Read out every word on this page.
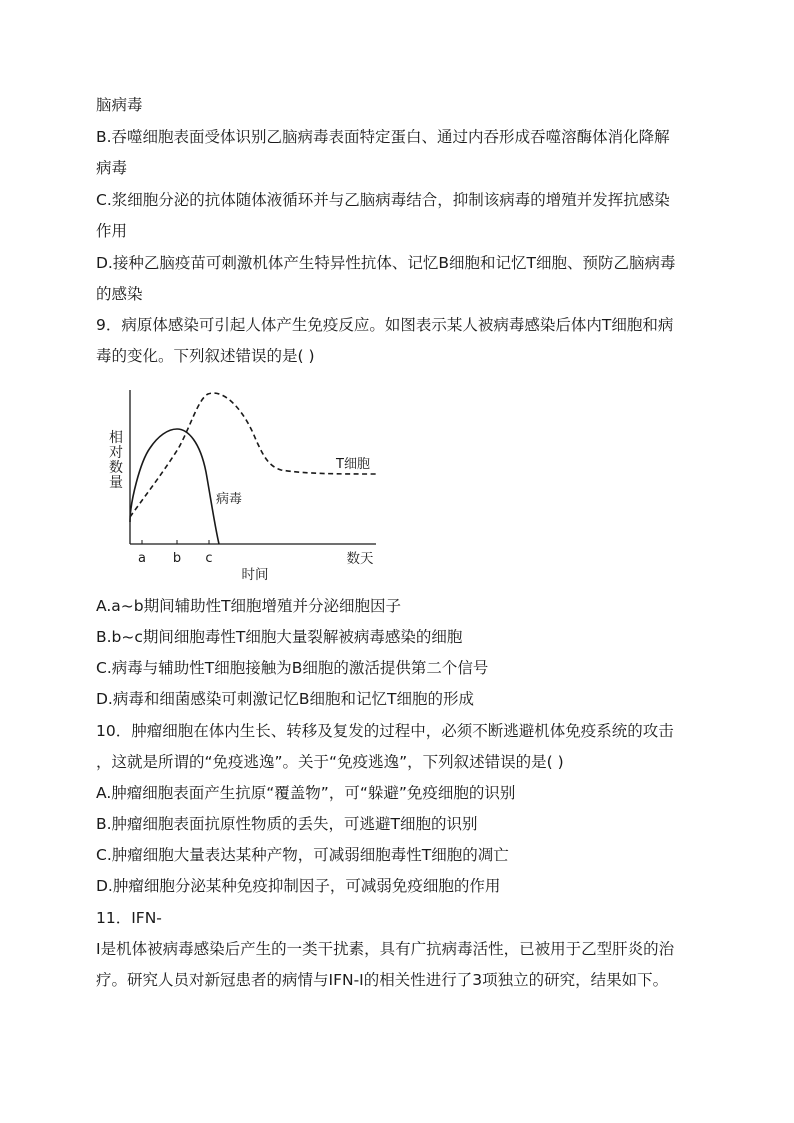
脑病毒

B.吞噬细胞表面受体识别乙脑病毒表面特定蛋白、通过内吞形成吞噬溶酶体消化降解

病毒

C.浆细胞分泌的抗体随体液循环并与乙脑病毒结合，抑制该病毒的增殖并发挥抗感染

作用

D.接种乙脑疫苗可刺激机体产生特异性抗体、记忆B细胞和记忆T细胞、预防乙脑病毒

的感染

9．病原体感染可引起人体产生免疫反应。如图表示某人被病毒感染后体内T细胞和病

毒的变化。下列叙述错误的是( )

相对数量
a b c	数天
时间
T细胞
病毒

A.a~b期间辅助性T细胞增殖并分泌细胞因子

B.b~c期间细胞毒性T细胞大量裂解被病毒感染的细胞

C.病毒与辅助性T细胞接触为B细胞的激活提供第二个信号

D.病毒和细菌感染可刺激记忆B细胞和记忆T细胞的形成

10．肿瘤细胞在体内生长、转移及复发的过程中，必须不断逃避机体免疫系统的攻击

，这就是所谓的“免疫逃逸”。关于“免疫逃逸”，下列叙述错误的是( )

A.肿瘤细胞表面产生抗原“覆盖物”，可“躲避”免疫细胞的识别

B.肿瘤细胞表面抗原性物质的丢失，可逃避T细胞的识别

C.肿瘤细胞大量表达某种产物，可减弱细胞毒性T细胞的凋亡

D.肿瘤细胞分泌某种免疫抑制因子，可减弱免疫细胞的作用

11．IFN-

I是机体被病毒感染后产生的一类干扰素，具有广抗病毒活性，已被用于乙型肝炎的治

疗。研究人员对新冠患者的病情与IFN-I的相关性进行了3项独立的研究，结果如下。
